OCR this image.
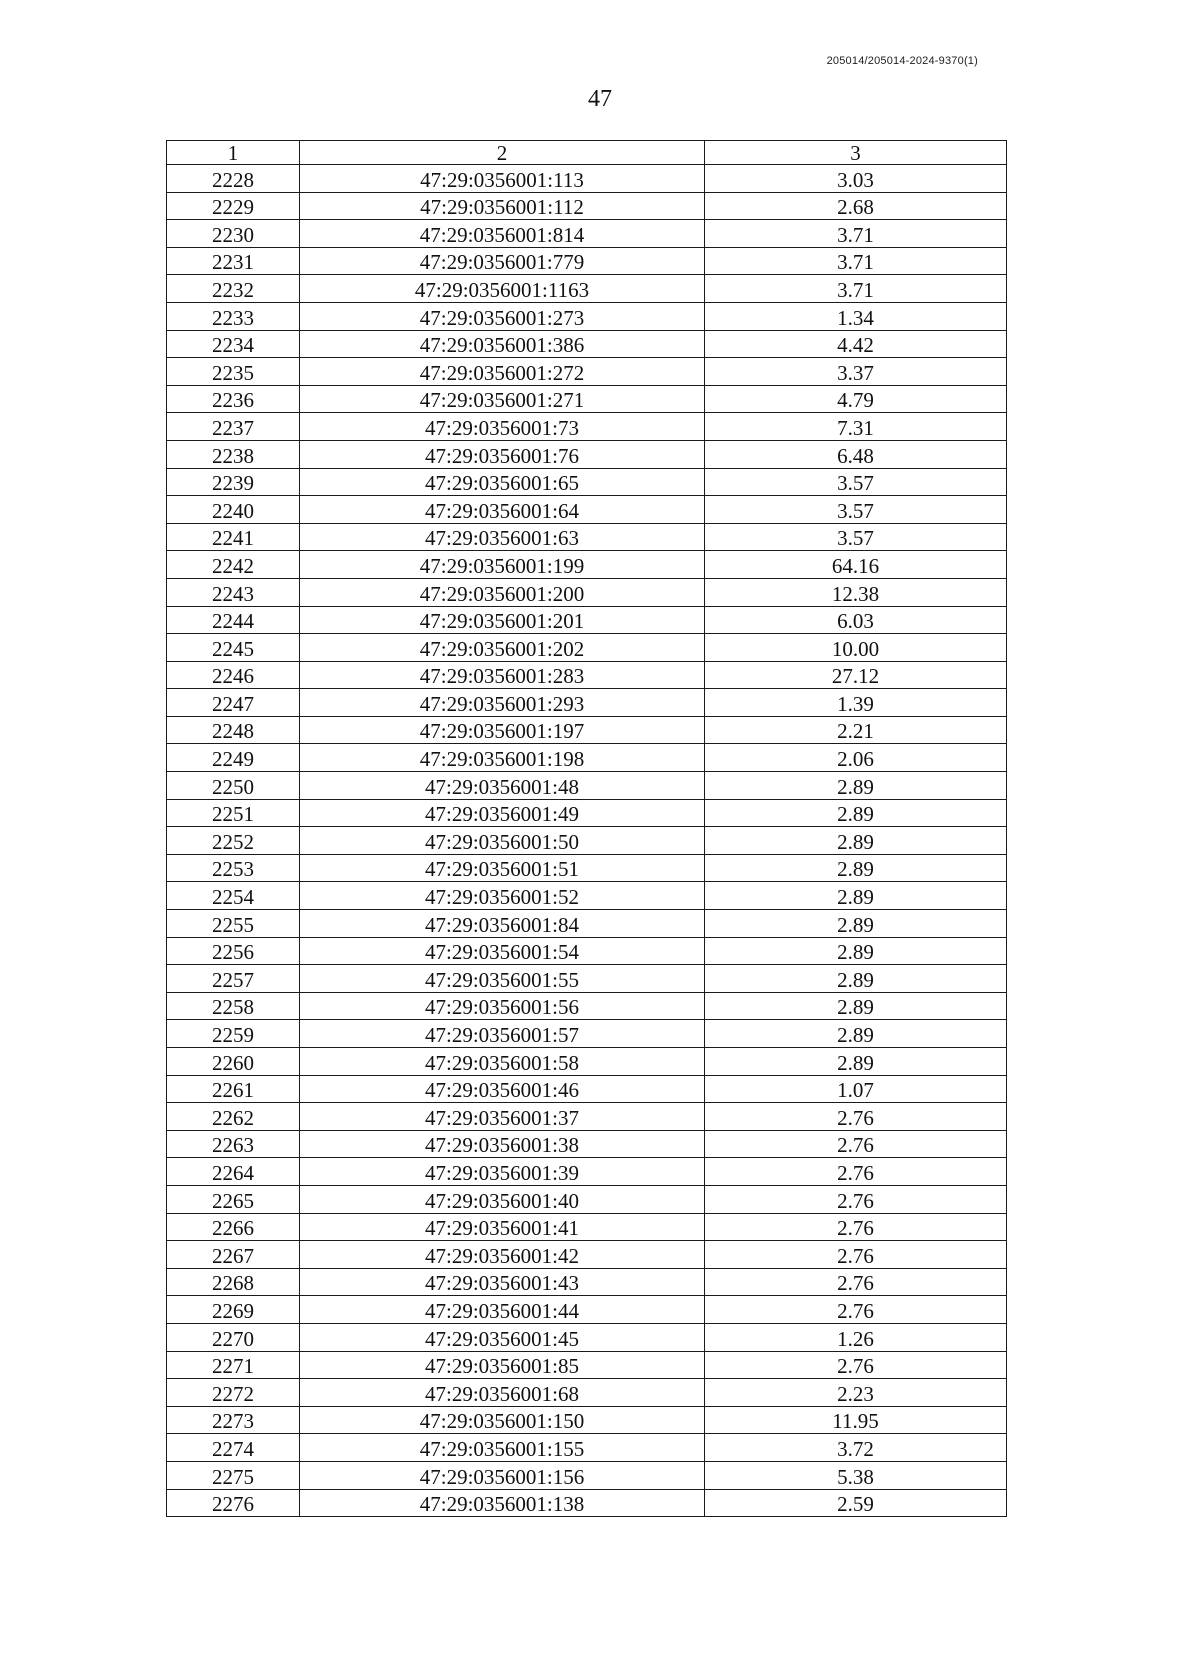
205014/205014-2024-9370(1)
47
1	2	3
2228	47:29:0356001:113	3.03
2229	47:29:0356001:112	2.68
2230	47:29:0356001:814	3.71
2231	47:29:0356001:779	3.71
2232	47:29:0356001:1163	3.71
2233	47:29:0356001:273	1.34
2234	47:29:0356001:386	4.42
2235	47:29:0356001:272	3.37
2236	47:29:0356001:271	4.79
2237	47:29:0356001:73	7.31
2238	47:29:0356001:76	6.48
2239	47:29:0356001:65	3.57
2240	47:29:0356001:64	3.57
2241	47:29:0356001:63	3.57
2242	47:29:0356001:199	64.16
2243	47:29:0356001:200	12.38
2244	47:29:0356001:201	6.03
2245	47:29:0356001:202	10.00
2246	47:29:0356001:283	27.12
2247	47:29:0356001:293	1.39
2248	47:29:0356001:197	2.21
2249	47:29:0356001:198	2.06
2250	47:29:0356001:48	2.89
2251	47:29:0356001:49	2.89
2252	47:29:0356001:50	2.89
2253	47:29:0356001:51	2.89
2254	47:29:0356001:52	2.89
2255	47:29:0356001:84	2.89
2256	47:29:0356001:54	2.89
2257	47:29:0356001:55	2.89
2258	47:29:0356001:56	2.89
2259	47:29:0356001:57	2.89
2260	47:29:0356001:58	2.89
2261	47:29:0356001:46	1.07
2262	47:29:0356001:37	2.76
2263	47:29:0356001:38	2.76
2264	47:29:0356001:39	2.76
2265	47:29:0356001:40	2.76
2266	47:29:0356001:41	2.76
2267	47:29:0356001:42	2.76
2268	47:29:0356001:43	2.76
2269	47:29:0356001:44	2.76
2270	47:29:0356001:45	1.26
2271	47:29:0356001:85	2.76
2272	47:29:0356001:68	2.23
2273	47:29:0356001:150	11.95
2274	47:29:0356001:155	3.72
2275	47:29:0356001:156	5.38
2276	47:29:0356001:138	2.59
